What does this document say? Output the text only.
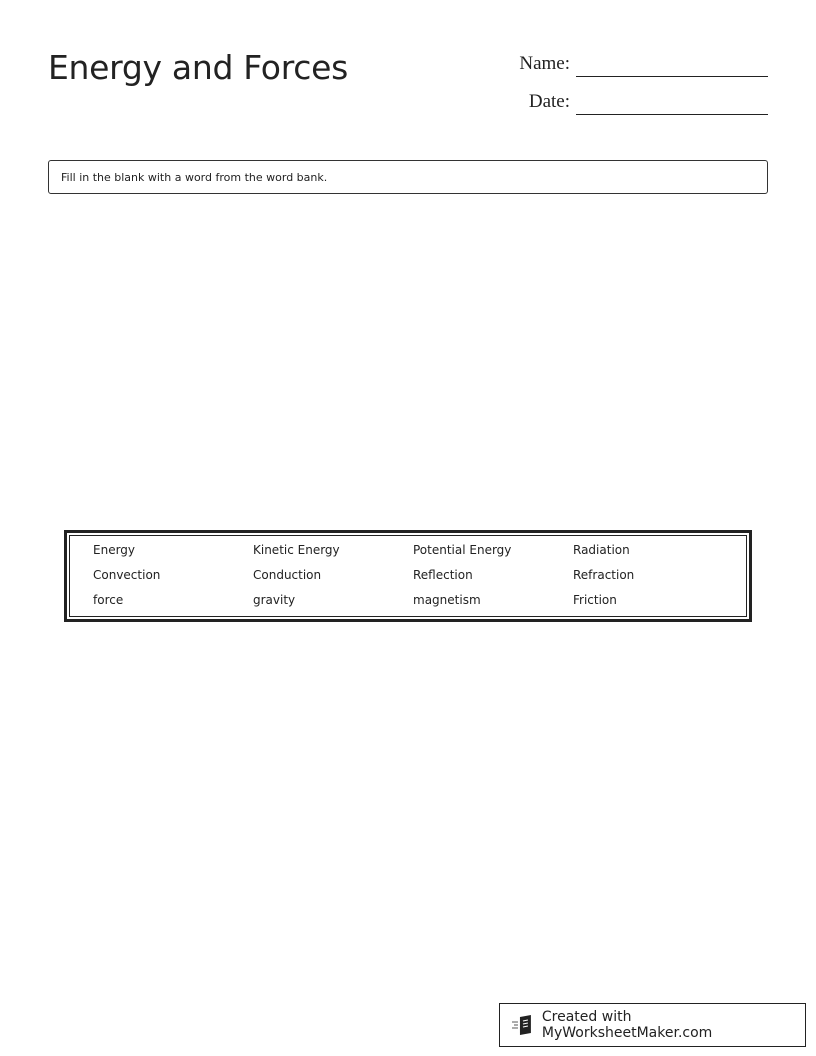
Energy and Forces	Name:
Date:
Fill in the blank with a word from the word bank.
Energy	Kinetic Energy	Potential Energy	Radiation
Convection	Conduction	Reflection	Refraction
force	gravity	magnetism	Friction
Created with MyWorksheetMaker.com
